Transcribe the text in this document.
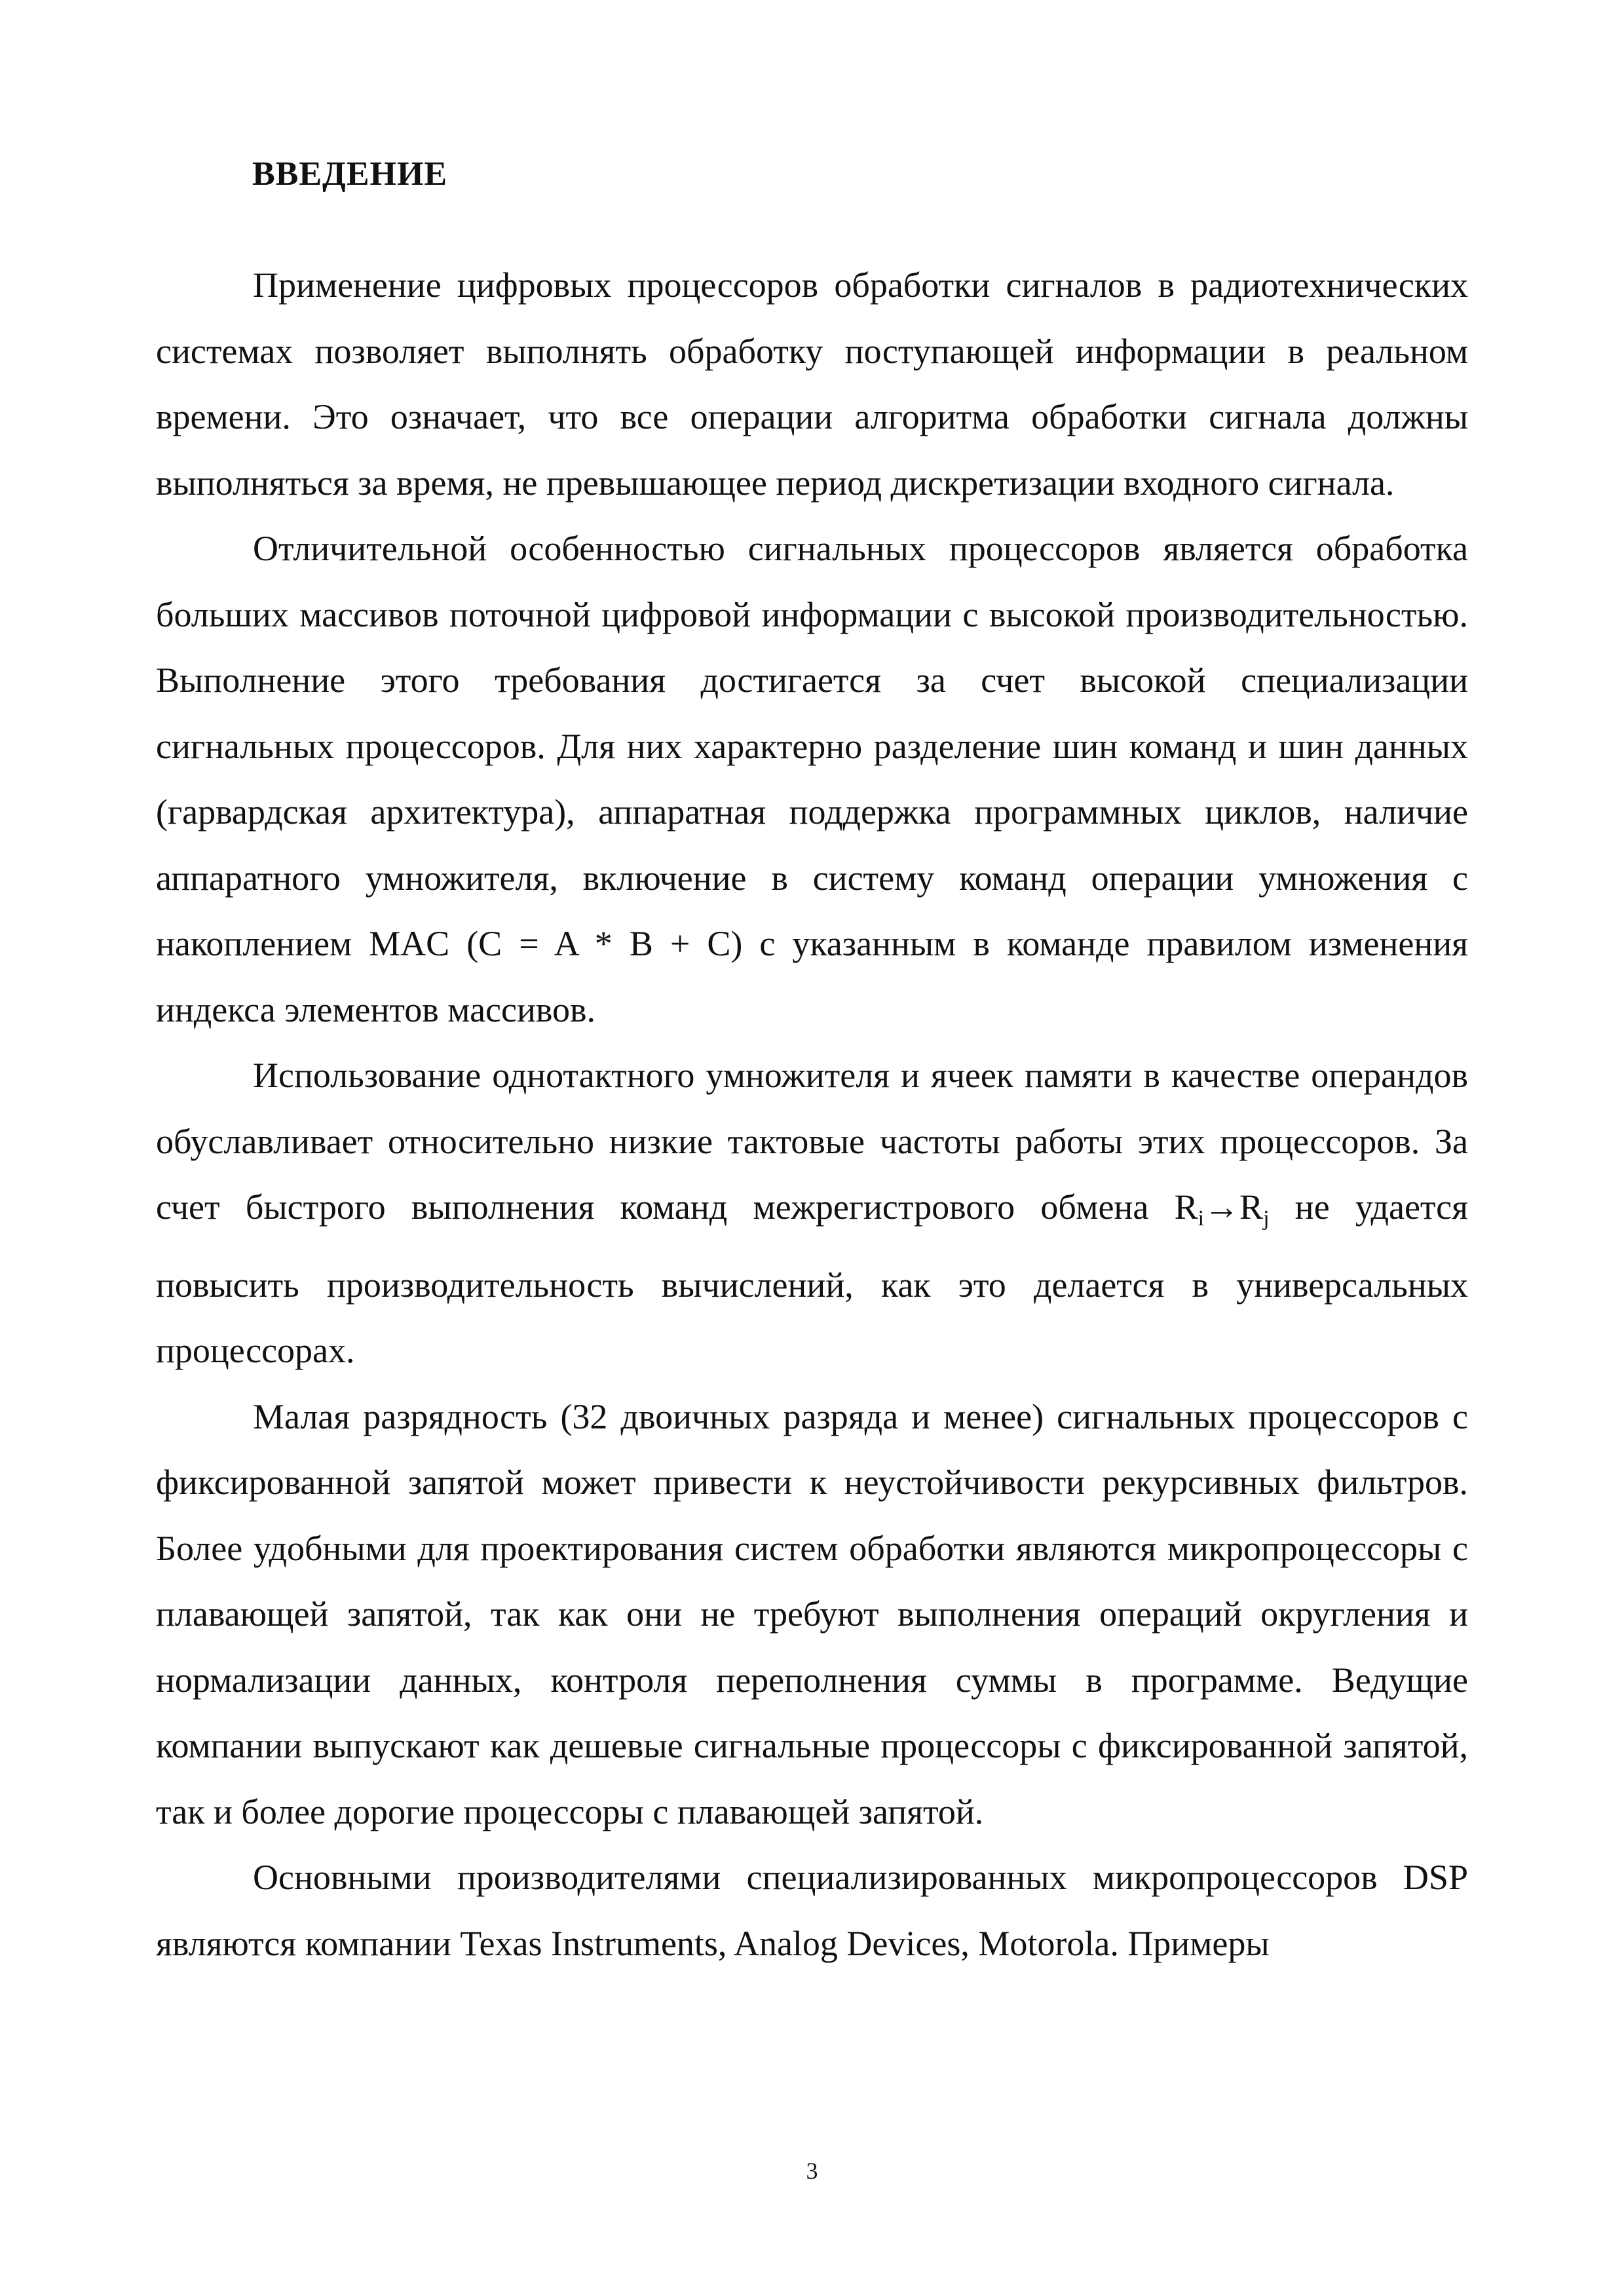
ВВЕДЕНИЕ

Применение цифровых процессоров обработки сигналов в радиотехнических системах позволяет выполнять обработку поступающей информации в реальном времени. Это означает, что все операции алгоритма обработки сигнала должны выполняться за время, не превышающее период дискретизации входного сигнала.

Отличительной особенностью сигнальных процессоров является обработка больших массивов поточной цифровой информации с высокой производительностью. Выполнение этого требования достигается за счет высокой специализации сигнальных процессоров. Для них характерно разделение шин команд и шин данных (гарвардская архитектура), аппаратная поддержка программных циклов, наличие аппаратного умножителя, включение в систему команд операции умножения с накоплением MAC (C = A * B + C) с указанным в команде правилом изменения индекса элементов массивов.

Использование однотактного умножителя и ячеек памяти в качестве операндов обуславливает относительно низкие тактовые частоты работы этих процессоров. За счет быстрого выполнения команд межрегистрового обмена Ri→Rj не удается повысить производительность вычислений, как это делается в универсальных процессорах.

Малая разрядность (32 двоичных разряда и менее) сигнальных процессоров с фиксированной запятой может привести к неустойчивости рекурсивных фильтров. Более удобными для проектирования систем обработки являются микропроцессоры с плавающей запятой, так как они не требуют выполнения операций округления и нормализации данных, контроля переполнения суммы в программе. Ведущие компании выпускают как дешевые сигнальные процессоры с фиксированной запятой, так и более дорогие процессоры с плавающей запятой.

Основными производителями специализированных микропроцессоров DSP являются компании Texas Instruments, Analog Devices, Motorola. Примеры

3
